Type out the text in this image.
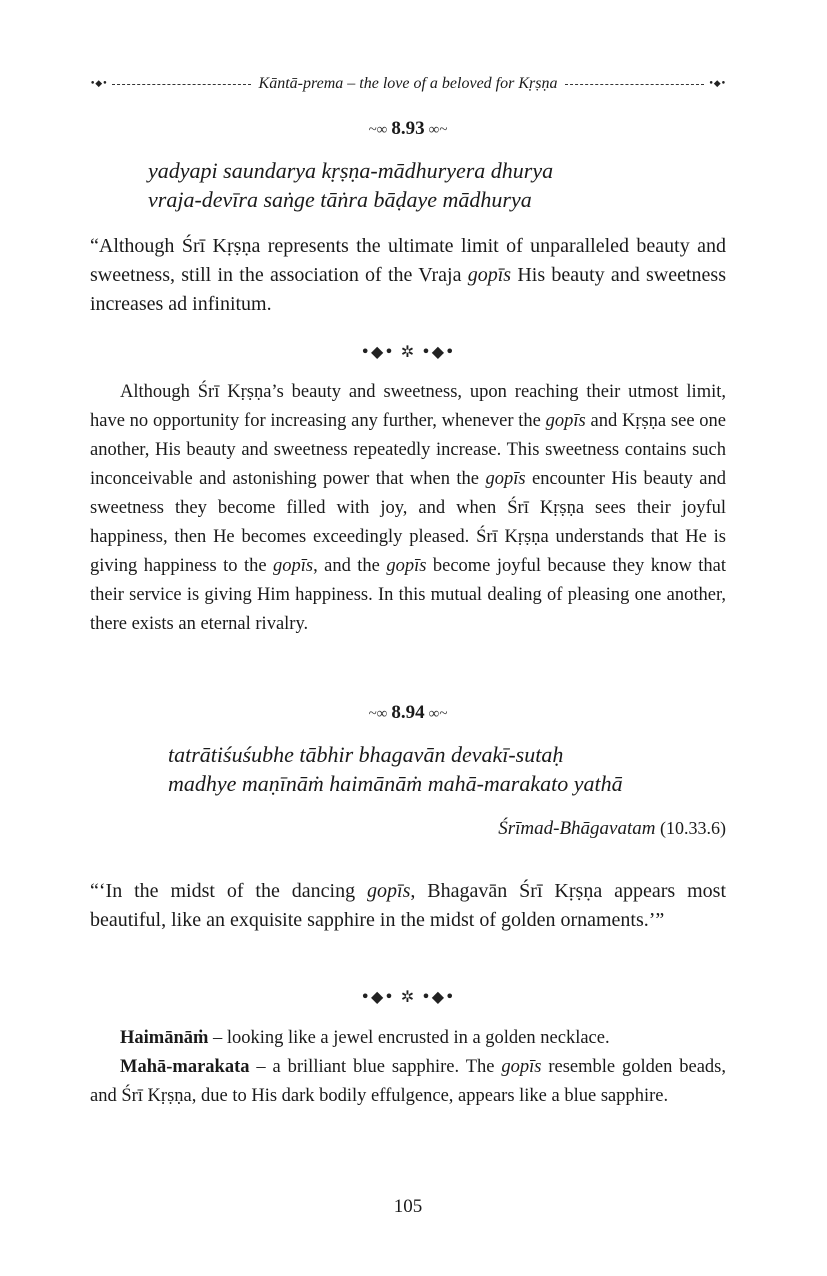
•◆•	Kāntā-prema – the love of a beloved for Kṛṣṇa	•◆•
~∞ 8.93 ∞~
yadyapi saundarya kṛṣṇa-mādhuryera dhurya
vraja-devīra saṅge tāṅra bāḍaye mādhurya
“Although Śrī Kṛṣṇa represents the ultimate limit of unparalleled beauty and sweetness, still in the association of the Vraja gopīs His beauty and sweetness increases ad infinitum.
•◆• ✲ •◆•
Although Śrī Kṛṣṇa’s beauty and sweetness, upon reaching their utmost limit, have no opportunity for increasing any further, whenever the gopīs and Kṛṣṇa see one another, His beauty and sweetness repeatedly increase. This sweetness contains such inconceivable and astonishing power that when the gopīs encounter His beauty and sweetness they become filled with joy, and when Śrī Kṛṣṇa sees their joyful happiness, then He becomes exceedingly pleased. Śrī Kṛṣṇa understands that He is giving happiness to the gopīs, and the gopīs become joyful because they know that their service is giving Him happiness. In this mutual dealing of pleasing one another, there exists an eternal rivalry.
~∞ 8.94 ∞~
tatrātiśuśubhe tābhir bhagavān devakī-sutaḥ
madhye maṇīnāṁ haimānāṁ mahā-marakato yathā
Śrīmad-Bhāgavatam (10.33.6)
“‘In the midst of the dancing gopīs, Bhagavān Śrī Kṛṣṇa appears most beautiful, like an exquisite sapphire in the midst of golden ornaments.’”
•◆• ✲ •◆•
Haimānāṁ – looking like a jewel encrusted in a golden necklace.
Mahā-marakata – a brilliant blue sapphire. The gopīs resemble golden beads, and Śrī Kṛṣṇa, due to His dark bodily effulgence, appears like a blue sapphire.
105
